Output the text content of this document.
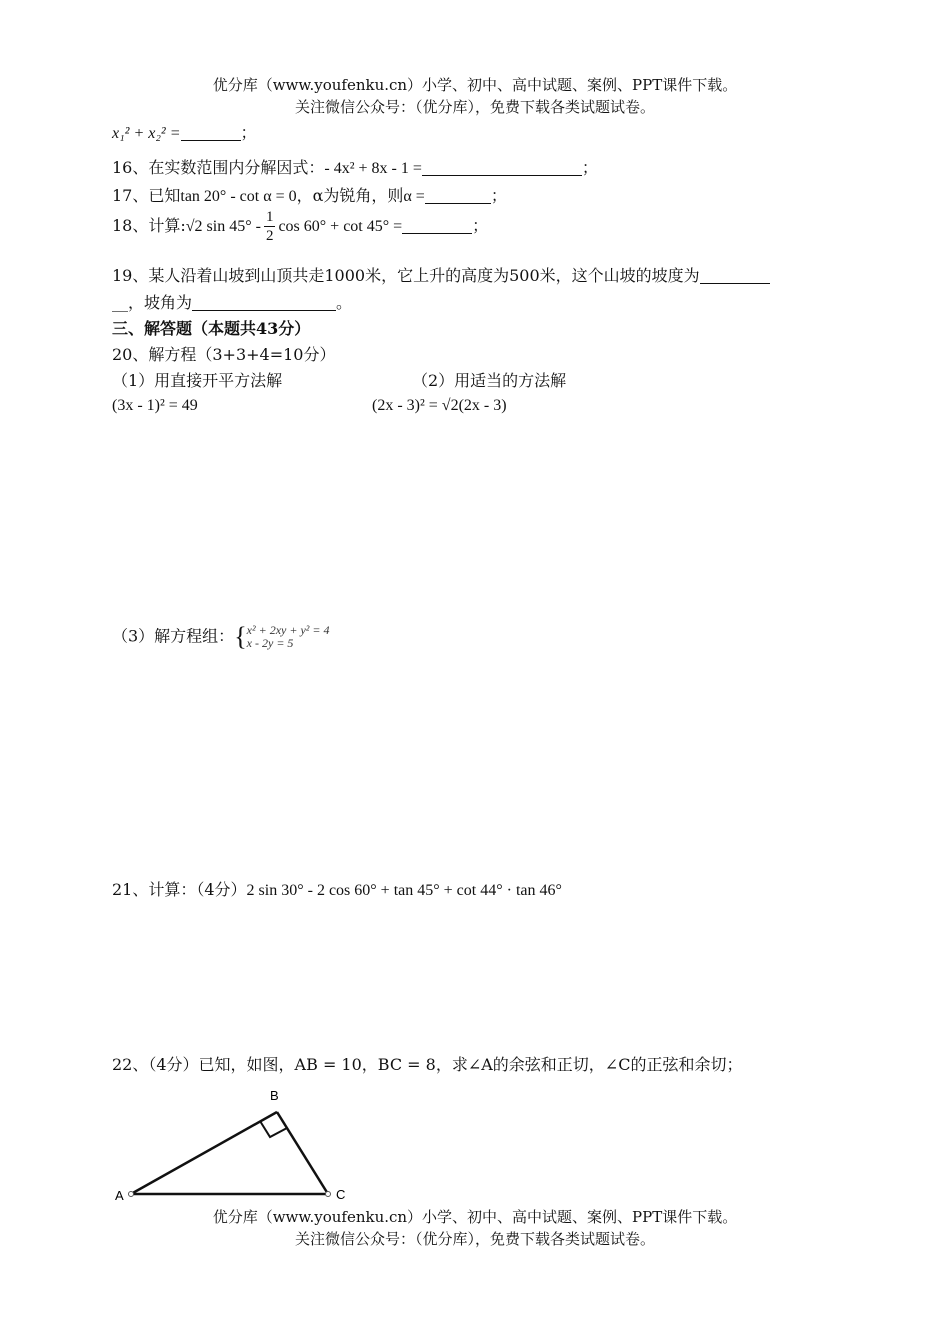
优分库（www.youfenku.cn）小学、初中、高中试题、案例、PPT课件下载。
关注微信公众号：（优分库），免费下载各类试题试卷。
x₁² + x₂² =	；
16、在实数范围内分解因式：- 4x² + 8x - 1 =	；
17、已知tan 20° - cot α = 0，α为锐角，则α =	；
18、计算:√2 $\sin 45^\circ - \frac{1}{2}$ cos 60° + cot 45° =	；
19、某人沿着山坡到山顶共走1000米，它上升的高度为500米，这个山坡的坡度为
__，坡角为	。
三、解答题（本题共43分）
20、解方程（3+3+4=10分）
（1）用直接开平方法解	（2）用适当的方法解
(3x - 1)² = 49	(2x - 3)² = √2(2x - 3)
（3）解方程组：{ x² + 2xy + y² = 4
x - 2y = 5
21、计算：（4分）2 sin 30° - 2 cos 60° + tan 45° + cot 44° · tan 46°
22、（4分）已知，如图，AB = 10，BC = 8，求∠A的余弦和正切，∠C的正弦和余切；
A
B
C
优分库（www.youfenku.cn）小学、初中、高中试题、案例、PPT课件下载。
关注微信公众号：（优分库），免费下载各类试题试卷。
